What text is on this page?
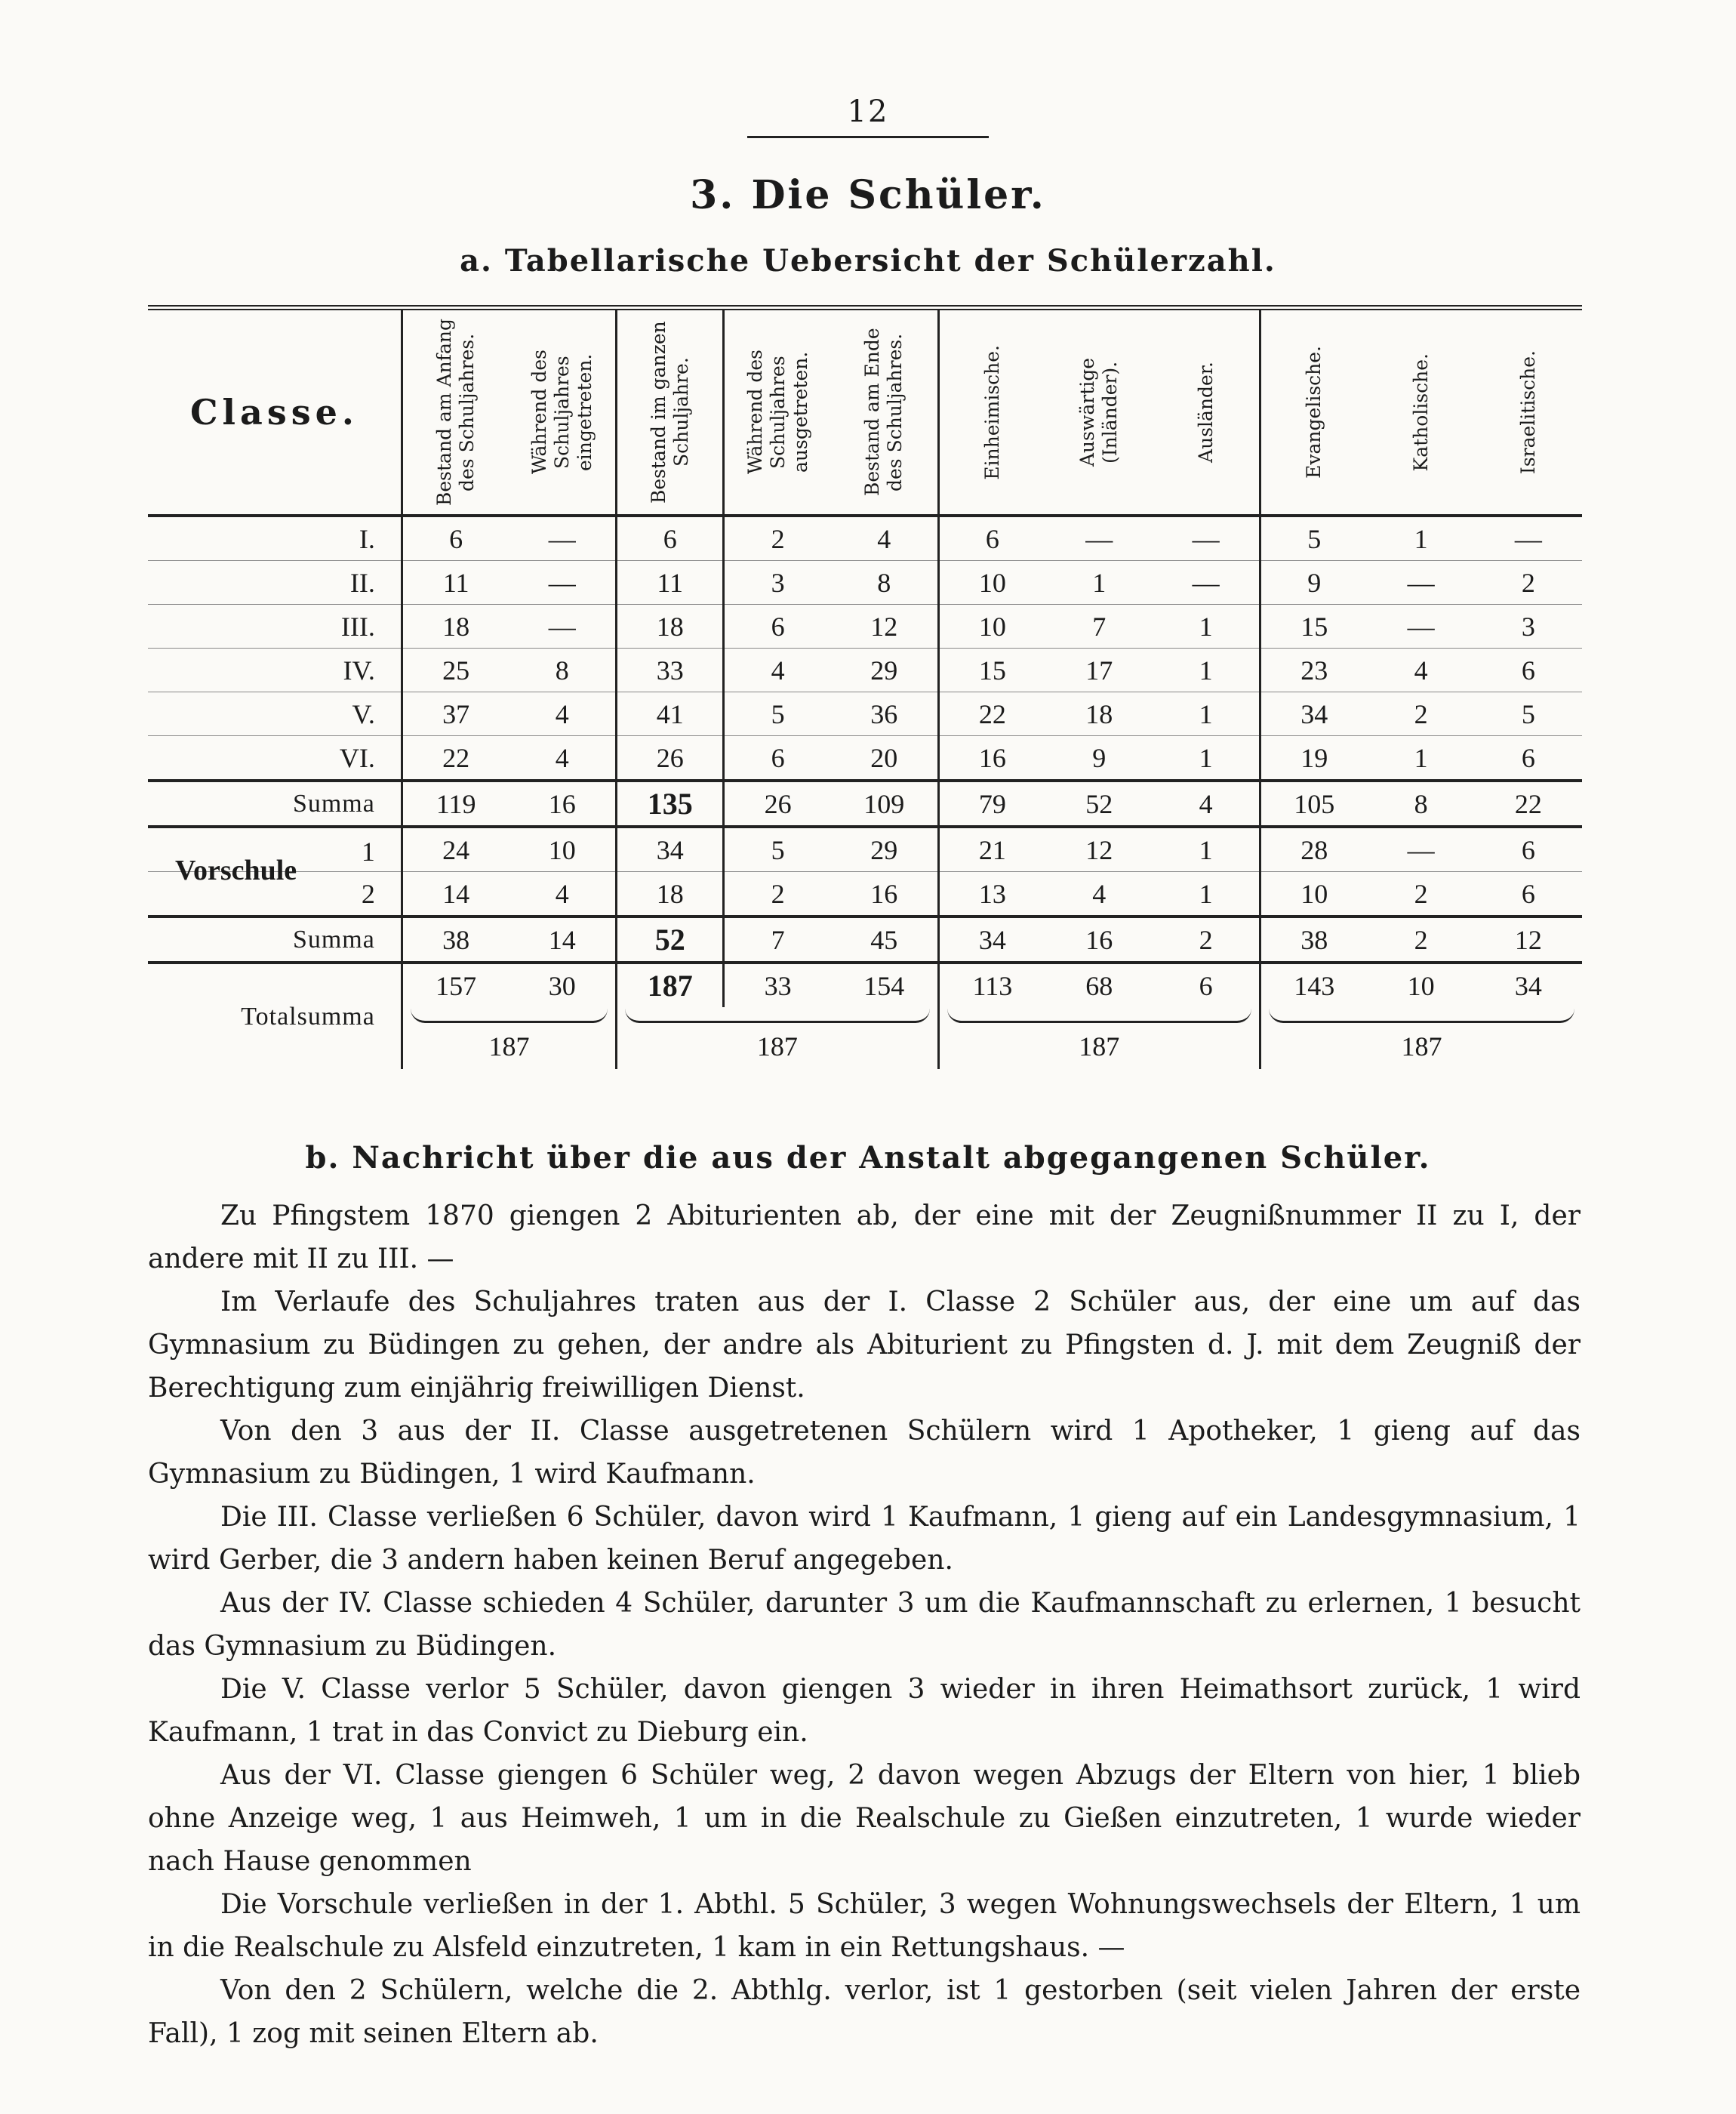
12
3. Die Schüler.
a. Tabellarische Uebersicht der Schülerzahl.
Classe.	Bestand am Anfang des Schuljahres.	Während des Schuljahres eingetreten.	Bestand im ganzen Schuljahre.	Während des Schuljahres ausgetreten.	Bestand am Ende des Schuljahres.	Einheimische.	Auswärtige (Inländer).	Ausländer.	Evangelische.	Katholische.	Israelitische.

I.	6	—	6	2	4	6	—	—	5	1	—
II.	11	—	11	3	8	10	1	—	9	—	2
III.	18	—	18	6	12	10	7	1	15	—	3
IV.	25	8	33	4	29	15	17	1	23	4	6
V.	37	4	41	5	36	22	18	1	34	2	5
VI.	22	4	26	6	20	16	9	1	19	1	6
Summa	119	16	135	26	109	79	52	4	105	8	22

Vorschule
1	24	10	34	5	29	21	12	1	28	—	6
2	14	4	18	2	16	13	4	1	10	2	6
Summa	38	14	52	7	45	34	16	2	38	2	12
Totalsumma	157	30	187	33	154	113	68	6	143	10	34

	187		187			187			187		
b. Nachricht über die aus der Anstalt abgegangenen Schüler.

Zu Pfingstem 1870 giengen 2 Abiturienten ab, der eine mit der Zeugnißnummer II zu I, der andere mit II zu III. —

Im Verlaufe des Schuljahres traten aus der I. Classe 2 Schüler aus, der eine um auf das Gymnasium zu Büdingen zu gehen, der andre als Abiturient zu Pfingsten d. J. mit dem Zeugniß der Berechtigung zum einjährig freiwilligen Dienst.

Von den 3 aus der II. Classe ausgetretenen Schülern wird 1 Apotheker, 1 gieng auf das Gymnasium zu Büdingen, 1 wird Kaufmann.

Die III. Classe verließen 6 Schüler, davon wird 1 Kaufmann, 1 gieng auf ein Landesgymnasium, 1 wird Gerber, die 3 andern haben keinen Beruf angegeben.

Aus der IV. Classe schieden 4 Schüler, darunter 3 um die Kaufmannschaft zu erlernen, 1 besucht das Gymnasium zu Büdingen.

Die V. Classe verlor 5 Schüler, davon giengen 3 wieder in ihren Heimathsort zurück, 1 wird Kaufmann, 1 trat in das Convict zu Dieburg ein.

Aus der VI. Classe giengen 6 Schüler weg, 2 davon wegen Abzugs der Eltern von hier, 1 blieb ohne Anzeige weg, 1 aus Heimweh, 1 um in die Realschule zu Gießen einzutreten, 1 wurde wieder nach Hause genommen

Die Vorschule verließen in der 1. Abthl. 5 Schüler, 3 wegen Wohnungswechsels der Eltern, 1 um in die Realschule zu Alsfeld einzutreten, 1 kam in ein Rettungshaus. —

Von den 2 Schülern, welche die 2. Abthlg. verlor, ist 1 gestorben (seit vielen Jahren der erste Fall), 1 zog mit seinen Eltern ab.
